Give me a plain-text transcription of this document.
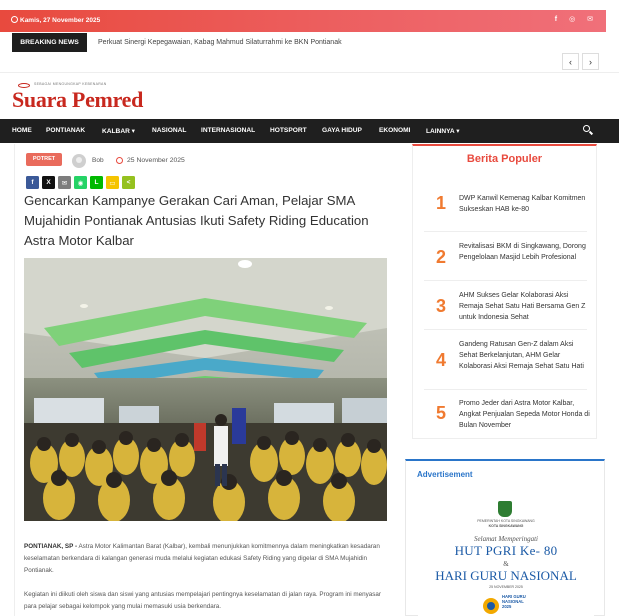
Kamis, 27 November 2025	f ◎ ✉
BREAKING NEWS	Perkuat Sinergi Kepegawaian, Kabag Mahmud Silaturrahmi ke BKN Pontianak
‹	›
SEBAGAI MENGUNGKAP KEBENARAN
Suara Pemred
HOME PONTIANAK	KALBAR ▾	NASIONAL INTERNASIONAL HOTSPORT GAYA HIDUP	EKONOMI LAINNYA ▾
POTRET	Bob	25 November 2025
f	X	✉	◉	L	▭	<
Gencarkan Kampanye Gerakan Cari Aman, Pelajar SMA Mujahidin Pontianak Antusias Ikuti Safety Riding Education Astra Motor Kalbar

PONTIANAK, SP - Astra Motor Kalimantan Barat (Kalbar), kembali menunjukkan komitmennya dalam meningkatkan kesadaran keselamatan berkendara di kalangan generasi muda melalui kegiatan edukasi Safety Riding yang digelar di SMA Mujahidin Pontianak.

Kegiatan ini diikuti oleh siswa dan siswi yang antusias mempelajari pentingnya keselamatan di jalan raya. Program ini menyasar para pelajar sebagai kelompok yang mulai memasuki usia berkendara.

Berita Populer
1 DWP Kanwil Kemenag Kalbar Komitmen Sukseskan HAB ke-80
2
Revitalisasi BKM di Singkawang, Dorong Pengelolaan Masjid Lebih Profesional
3
AHM Sukses Gelar Kolaborasi Aksi Remaja Sehat Satu Hati Bersama Gen Z untuk Indonesia Sehat
4
Gandeng Ratusan Gen-Z dalam Aksi Sehat Berkelanjutan, AHM Gelar Kolaborasi Aksi Remaja Sehat Satu Hati
5 Promo Jeder dari Astra Motor Kalbar, Angkat Penjualan Sepeda Motor Honda di Bulan November
Advertisement
PEMERINTAH KOTA SINGKAWANG
KOTA SINGKAWANG
Selamat Memperingati
HUT PGRI Ke- 80
&
HARI GURU NASIONAL
25 NOVEMBER 2025
HARI GURU NASIONAL 2025
